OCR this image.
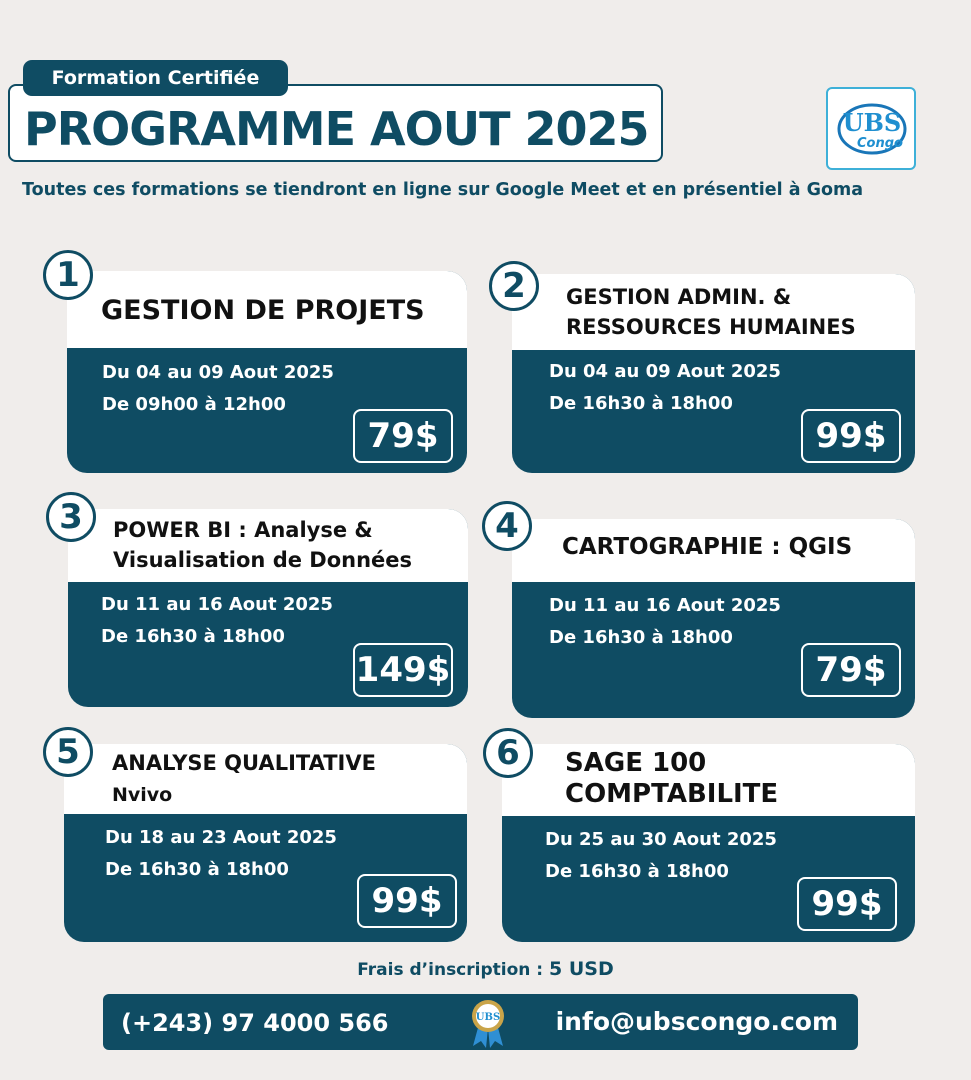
Formation Certifiée
PROGRAMME AOUT 2025	UBS
Congo
Toutes ces formations se tiendront en ligne sur Google Meet et en présentiel à Goma
GESTION DE PROJETS
Du 04 au 09 Aout 2025
De 09h00 à 12h00
79$
1
GESTION ADMIN. &
RESSOURCES HUMAINES
Du 04 au 09 Aout 2025
De 16h30 à 18h00
99$
2
POWER BI : Analyse &
Visualisation de Données
Du 11 au 16 Aout 2025
De 16h30 à 18h00
149$
3
CARTOGRAPHIE : QGIS
Du 11 au 16 Aout 2025
De 16h30 à 18h00
79$
4
ANALYSE QUALITATIVE
Nvivo
Du 18 au 23 Aout 2025
De 16h30 à 18h00
99$
5	SAGE 100
COMPTABILITE
Du 25 au 30 Aout 2025
De 16h30 à 18h00
99$
6
Frais d’inscription : 5 USD
(+243) 97 4000 566	UBS info@ubscongo.com
